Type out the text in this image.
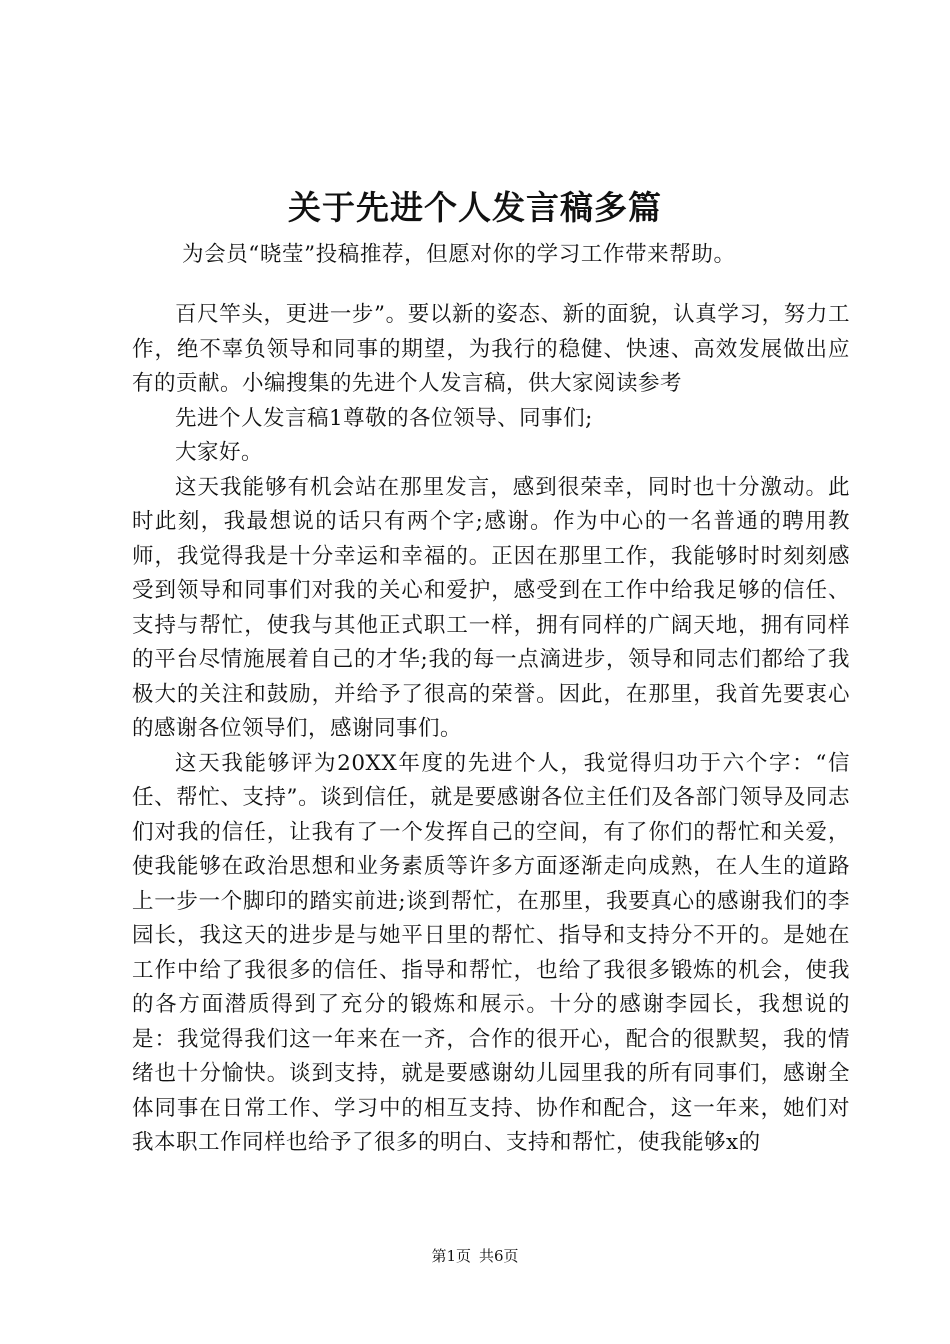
关于先进个人发言稿多篇

为会员“晓莹”投稿推荐，但愿对你的学习工作带来帮助。

百尺竿头，更进一步”。要以新的姿态、新的面貌，认真学习，努力工作，绝不辜负领导和同事的期望，为我行的稳健、快速、高效发展做出应有的贡献。小编搜集的先进个人发言稿，供大家阅读参考

先进个人发言稿1尊敬的各位领导、同事们;

大家好。

这天我能够有机会站在那里发言，感到很荣幸，同时也十分激动。此时此刻，我最想说的话只有两个字;感谢。作为中心的一名普通的聘用教师，我觉得我是十分幸运和幸福的。正因在那里工作，我能够时时刻刻感受到领导和同事们对我的关心和爱护，感受到在工作中给我足够的信任、支持与帮忙，使我与其他正式职工一样，拥有同样的广阔天地，拥有同样的平台尽情施展着自己的才华;我的每一点滴进步，领导和同志们都给了我极大的关注和鼓励，并给予了很高的荣誉。因此，在那里，我首先要衷心的感谢各位领导们，感谢同事们。

这天我能够评为20XX年度的先进个人，我觉得归功于六个字：“信任、帮忙、支持”。谈到信任，就是要感谢各位主任们及各部门领导及同志们对我的信任，让我有了一个发挥自己的空间，有了你们的帮忙和关爱，使我能够在政治思想和业务素质等许多方面逐渐走向成熟，在人生的道路上一步一个脚印的踏实前进;谈到帮忙，在那里，我要真心的感谢我们的李园长，我这天的进步是与她平日里的帮忙、指导和支持分不开的。是她在工作中给了我很多的信任、指导和帮忙，也给了我很多锻炼的机会，使我的各方面潜质得到了充分的锻炼和展示。十分的感谢李园长，我想说的是：我觉得我们这一年来在一齐，合作的很开心，配合的很默契，我的情绪也十分愉快。谈到支持，就是要感谢幼儿园里我的所有同事们，感谢全体同事在日常工作、学习中的相互支持、协作和配合，这一年来，她们对我本职工作同样也给予了很多的明白、支持和帮忙，使我能够x的

第1页 共6页
